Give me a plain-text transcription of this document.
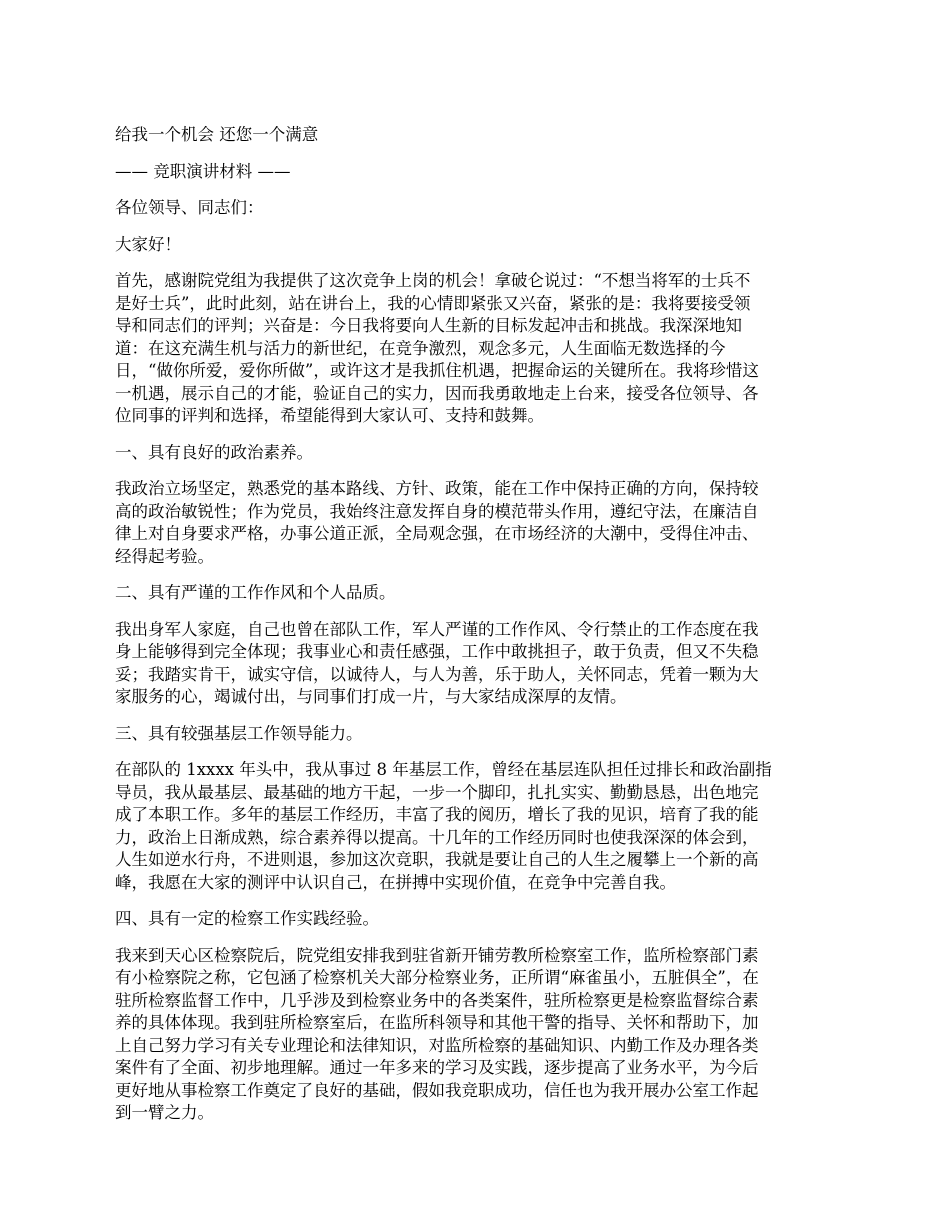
给我一个机会 还您一个满意

—— 竞职演讲材料 ——

各位领导、同志们：

大家好！

首先，感谢院党组为我提供了这次竞争上岗的机会！拿破仑说过：“不想当将军的士兵不
是好士兵”，此时此刻，站在讲台上，我的心情即紧张又兴奋，紧张的是：我将要接受领
导和同志们的评判；兴奋是：今日我将要向人生新的目标发起冲击和挑战。我深深地知
道：在这充满生机与活力的新世纪，在竞争激烈，观念多元，人生面临无数选择的今
日，“做你所爱，爱你所做”，或许这才是我抓住机遇，把握命运的关键所在。我将珍惜这
一机遇，展示自己的才能，验证自己的实力，因而我勇敢地走上台来，接受各位领导、各
位同事的评判和选择，希望能得到大家认可、支持和鼓舞。

一、具有良好的政治素养。

我政治立场坚定，熟悉党的基本路线、方针、政策，能在工作中保持正确的方向，保持较
高的政治敏锐性；作为党员，我始终注意发挥自身的模范带头作用，遵纪守法，在廉洁自
律上对自身要求严格，办事公道正派，全局观念强，在市场经济的大潮中，受得住冲击、
经得起考验。

二、具有严谨的工作作风和个人品质。

我出身军人家庭，自己也曾在部队工作，军人严谨的工作作风、令行禁止的工作态度在我
身上能够得到完全体现；我事业心和责任感强，工作中敢挑担子，敢于负责，但又不失稳
妥；我踏实肯干，诚实守信，以诚待人，与人为善，乐于助人，关怀同志，凭着一颗为大
家服务的心，竭诚付出，与同事们打成一片，与大家结成深厚的友情。

三、具有较强基层工作领导能力。

在部队的 1xxxx 年头中，我从事过 8 年基层工作，曾经在基层连队担任过排长和政治副指
导员，我从最基层、最基础的地方干起，一步一个脚印，扎扎实实、勤勤恳恳，出色地完
成了本职工作。多年的基层工作经历，丰富了我的阅历，增长了我的见识，培育了我的能
力，政治上日渐成熟，综合素养得以提高。十几年的工作经历同时也使我深深的体会到，
人生如逆水行舟，不进则退，参加这次竞职，我就是要让自己的人生之履攀上一个新的高
峰，我愿在大家的测评中认识自己，在拼搏中实现价值，在竞争中完善自我。

四、具有一定的检察工作实践经验。

我来到天心区检察院后，院党组安排我到驻省新开铺劳教所检察室工作，监所检察部门素
有小检察院之称，它包涵了检察机关大部分检察业务，正所谓“麻雀虽小，五脏俱全”，在
驻所检察监督工作中，几乎涉及到检察业务中的各类案件，驻所检察更是检察监督综合素
养的具体体现。我到驻所检察室后，在监所科领导和其他干警的指导、关怀和帮助下，加
上自己努力学习有关专业理论和法律知识，对监所检察的基础知识、内勤工作及办理各类
案件有了全面、初步地理解。通过一年多来的学习及实践，逐步提高了业务水平，为今后
更好地从事检察工作奠定了良好的基础，假如我竞职成功，信任也为我开展办公室工作起
到一臂之力。
